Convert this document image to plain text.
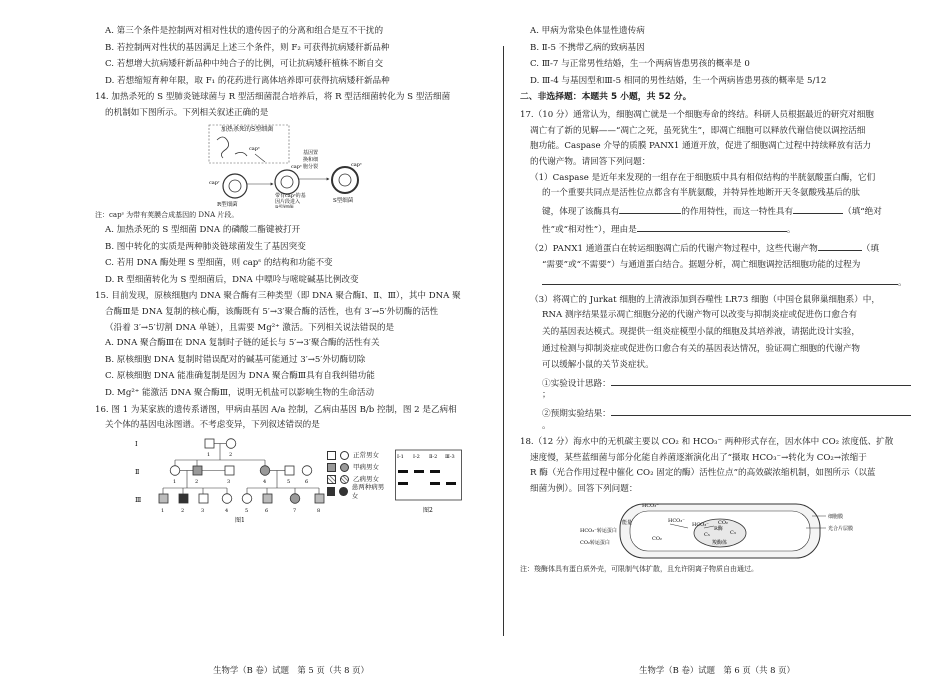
A. 第三个条件是控制两对相对性状的遗传因子的分离和组合是互不干扰的

B. 若控制两对性状的基因满足上述三个条件，则 F₂ 可获得抗病矮秆新品种

C. 若想增大抗病矮秆新品种中纯合子的比例，可让抗病矮秆植株不断自交

D. 若想缩短育种年限，取 F₁ 的花药进行离体培养即可获得抗病矮秆新品种

14. 加热杀死的 S 型肺炎链球菌与 R 型活细菌混合培养后，将 R 型活细菌转化为 S 型活细菌

的机制如下图所示。下列相关叙述正确的是

加热杀死的S型细菌
capˢ
capʳ
R型细菌
capˢ
带有capˢ的基
因片段进入
R型细菌
基因置
换和细
胞分裂	capˢ
S型细菌

注：capˢ 为带有荚膜合成基因的 DNA 片段。

A. 加热杀死的 S 型细菌 DNA 的磷酸二酯键被打开

B. 图中转化的实质是两种肺炎链球菌发生了基因突变

C. 若用 DNA 酶处理 S 型细菌，则 capˢ 的结构和功能不变

D. R 型细菌转化为 S 型细菌后，DNA 中嘌呤与嘧啶碱基比例改变

15. 目前发现，原核细胞内 DNA 聚合酶有三种类型（即 DNA 聚合酶Ⅰ、Ⅱ、Ⅲ），其中 DNA 聚

合酶Ⅲ是 DNA 复制的核心酶，该酶既有 5′→3′聚合酶的活性，也有 3′→5′外切酶的活性

（沿着 3′→5′切割 DNA 单链），且需要 Mg²⁺ 激活。下列相关说法错误的是

A. DNA 聚合酶Ⅲ在 DNA 复制时子链的延长与 5′→3′聚合酶的活性有关

B. 原核细胞 DNA 复制时错误配对的碱基可能通过 3′→5′外切酶切除

C. 原核细胞 DNA 能准确复制是因为 DNA 聚合酶Ⅲ具有自我纠错功能

D. Mg²⁺ 能激活 DNA 聚合酶Ⅲ，说明无机盐可以影响生物的生命活动

16. 图 1 为某家族的遗传系谱图，甲病由基因 A/a 控制，乙病由基因 B/b 控制，图 2 是乙病相

关个体的基因电泳图谱。不考虑变异，下列叙述错误的是

Ⅰ
Ⅱ
Ⅲ
1	2
1	2	3	4	5	6
1	2	3	4	5	6	7	8
图1
正常男女
甲病男女
乙病男女
患两种病男女
Ⅰ-1 Ⅰ-2 Ⅱ-2 Ⅲ-3
图2
生物学（B 卷）试题　第 5 页（共 8 页）

A. 甲病为常染色体显性遗传病

B. Ⅱ-5 不携带乙病的致病基因

C. Ⅲ-7 与正常男性结婚，生一个两病皆患男孩的概率是 0

D. Ⅲ-4 与基因型和Ⅲ-5 相同的男性结婚，生一个两病皆患男孩的概率是 5/12

二、非选择题：本题共 5 小题，共 52 分。

17.（10 分）通常认为，细胞凋亡就是一个细胞寿命的终结。科研人员根据最近的研究对细胞

凋亡有了新的见解——“凋亡之死，虽死犹生”，即凋亡细胞可以释放代谢信使以调控活细

胞功能。Caspase 介导的质膜 PANX1 通道开放，促进了细胞凋亡过程中持续释放有活力

的代谢产物。请回答下列问题：

（1）Caspase 是近年来发现的一组存在于细胞质中具有相似结构的半胱氨酸蛋白酶，它们

的一个重要共同点是活性位点都含有半胱氨酸，并特异性地断开天冬氨酸残基后的肽

键，体现了该酶具有	的作用特性，而这一特性具有	（填“绝对

性”或“相对性”），理由是	。

（2）PANX1 通道蛋白在转运细胞凋亡后的代谢产物过程中，这些代谢产物	（填

“需要”或“不需要”）与通道蛋白结合。据题分析，凋亡细胞调控活细胞功能的过程为

。

（3）将凋亡的 Jurkat 细胞的上清液添加到吞噬性 LR73 细胞（中国仓鼠卵巢细胞系）中，

RNA 测序结果显示凋亡细胞分泌的代谢产物可以改变与抑制炎症或促进伤口愈合有

关的基因表达模式。现提供一组炎症模型小鼠的细胞及其培养液，请据此设计实验，

通过检测与抑制炎症或促进伤口愈合有关的基因表达情况，验证凋亡细胞的代谢产物

可以缓解小鼠的关节炎症状。

①实验设计思路：；

②预期实验结果：。

18.（12 分）海水中的无机碳主要以 CO₂ 和 HCO₃⁻ 两种形式存在，因水体中 CO₂ 浓度低、扩散

速度慢，某些蓝细菌与部分化能自养菌逐渐演化出了“摄取 HCO₃⁻→转化为 CO₂→浓缩于

R 酶（光合作用过程中催化 CO₂ 固定的酶）活性位点”的高效碳浓缩机制，如图所示（以蓝

细菌为例）。回答下列问题：

HCO₃⁻
HCO₃⁻
HCO₃⁻ CO₂
CO₂
C₃
C₅
R酶
羧酶体
能量
HCO₃⁻转运蛋白
CO₂转运蛋白
细胞膜
光合片层膜

注：羧酶体具有蛋白质外壳，可限制气体扩散，且允许阴离子物质自由通过。

生物学（B 卷）试题　第 6 页（共 8 页）
